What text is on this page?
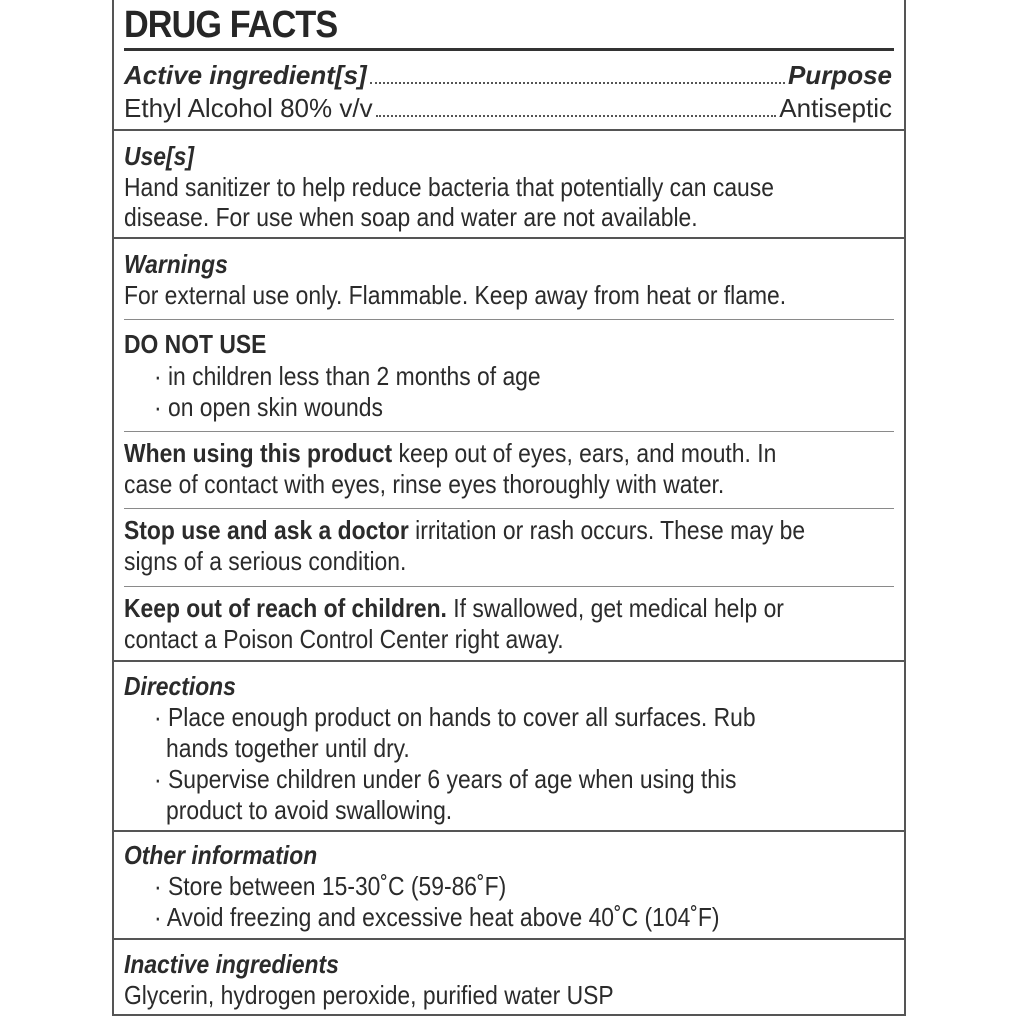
DRUG FACTS
Active ingredient[s]	Purpose
Ethyl Alcohol 80% v/v	Antiseptic
Use[s]
Hand sanitizer to help reduce bacteria that potentially can cause
disease. For use when soap and water are not available.
Warnings
For external use only. Flammable. Keep away from heat or flame.
DO NOT USE
· in children less than 2 months of age
· on open skin wounds
When using this product keep out of eyes, ears, and mouth. In
case of contact with eyes, rinse eyes thoroughly with water.
Stop use and ask a doctor irritation or rash occurs. These may be
signs of a serious condition.
Keep out of reach of children. If swallowed, get medical help or
contact a Poison Control Center right away.
Directions
· Place enough product on hands to cover all surfaces. Rub
hands together until dry.
· Supervise children under 6 years of age when using this
product to avoid swallowing.
Other information
· Store between 15-30˚C (59-86˚F)
· Avoid freezing and excessive heat above 40˚C (104˚F)
Inactive ingredients
Glycerin, hydrogen peroxide, purified water USP
